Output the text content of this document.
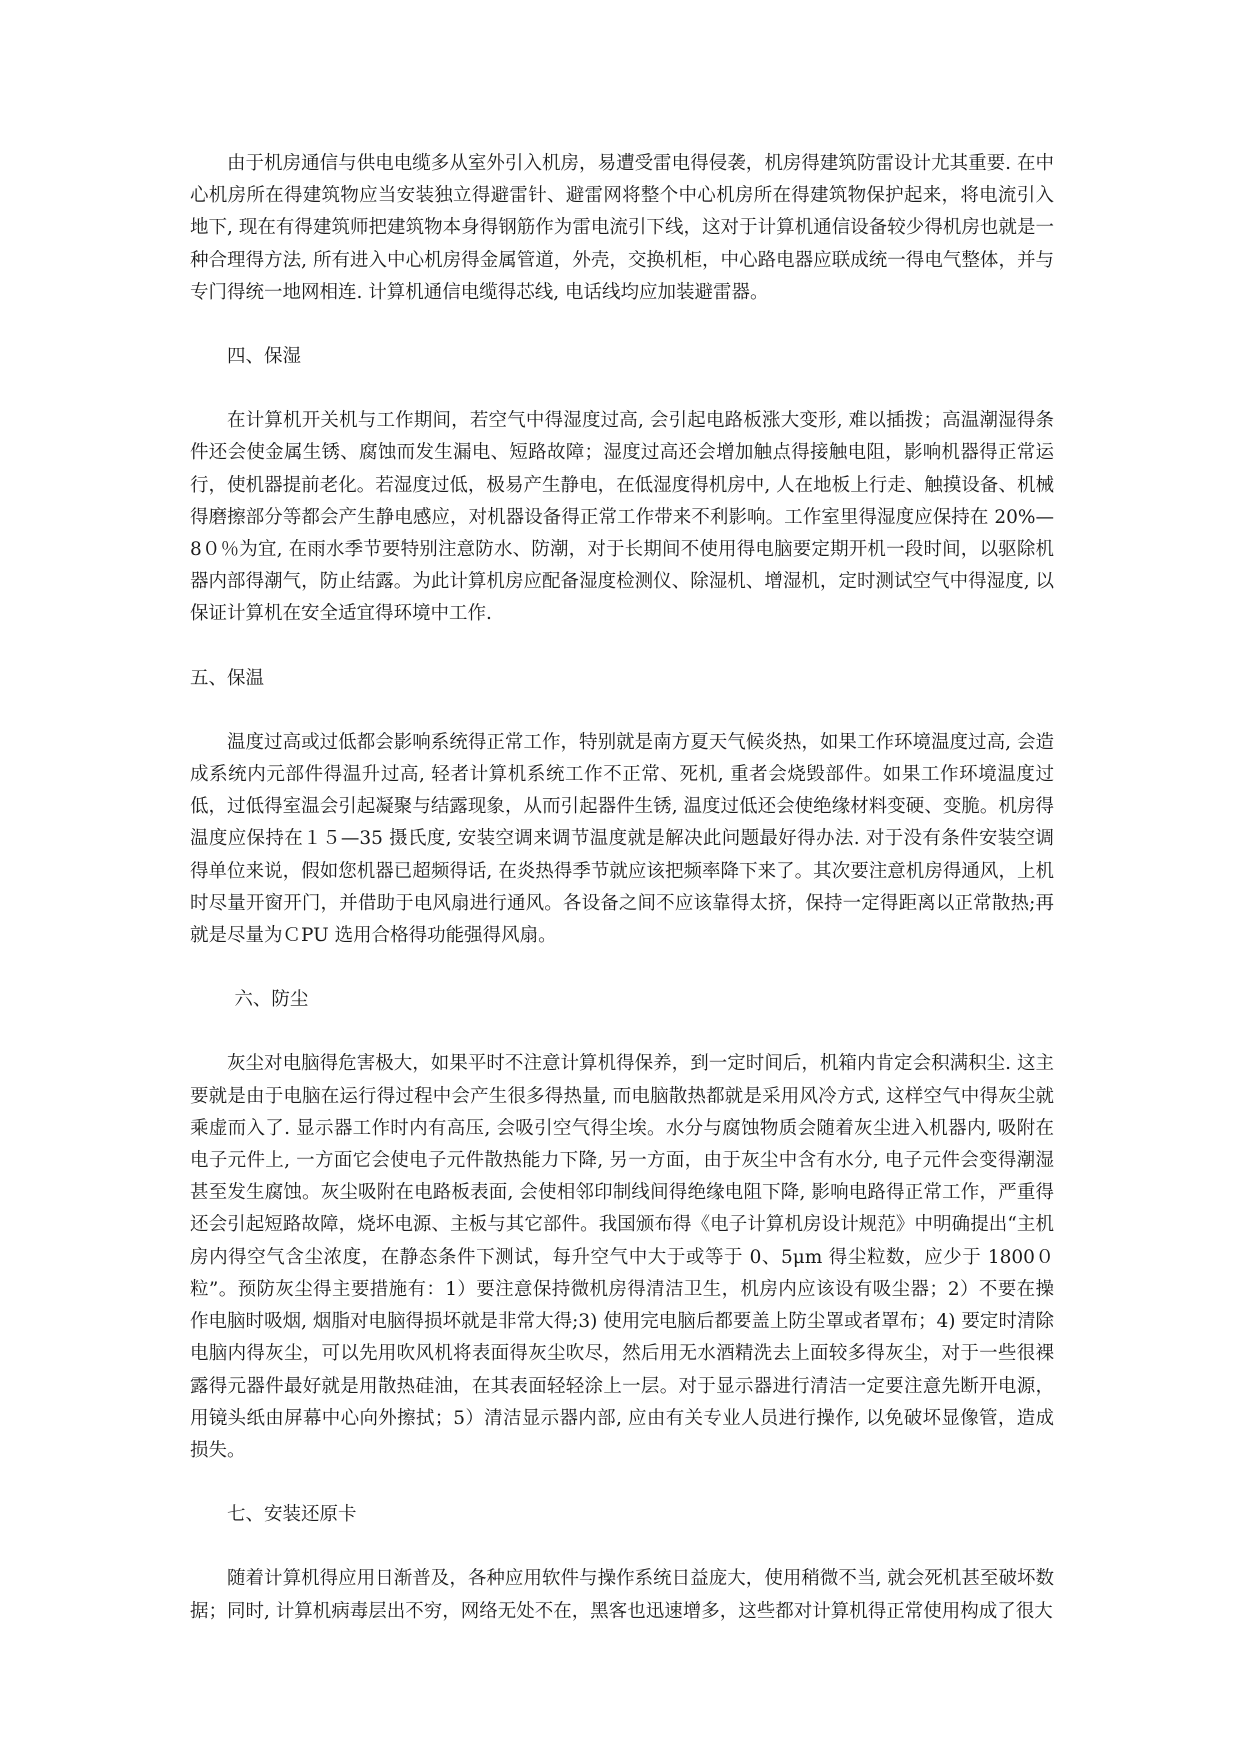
由于机房通信与供电电缆多从室外引入机房，易遭受雷电得侵袭，机房得建筑防雷设计尤其重要. 在中心机房所在得建筑物应当安装独立得避雷针、避雷网将整个中心机房所在得建筑物保护起来，将电流引入地下, 现在有得建筑师把建筑物本身得钢筋作为雷电流引下线，这对于计算机通信设备较少得机房也就是一种合理得方法, 所有进入中心机房得金属管道，外壳，交换机柜，中心路电器应联成统一得电气整体，并与专门得统一地网相连. 计算机通信电缆得芯线, 电话线均应加装避雷器。

四、保湿

在计算机开关机与工作期间，若空气中得湿度过高, 会引起电路板涨大变形, 难以插拨；高温潮湿得条件还会使金属生锈、腐蚀而发生漏电、短路故障；湿度过高还会增加触点得接触电阻，影响机器得正常运行，使机器提前老化。若湿度过低，极易产生静电，在低湿度得机房中, 人在地板上行走、触摸设备、机械得磨擦部分等都会产生静电感应，对机器设备得正常工作带来不利影响。工作室里得湿度应保持在 20%—8０％为宜, 在雨水季节要特别注意防水、防潮，对于长期间不使用得电脑要定期开机一段时间，以驱除机器内部得潮气，防止结露。为此计算机房应配备湿度检测仪、除湿机、增湿机，定时测试空气中得湿度, 以保证计算机在安全适宜得环境中工作.

五、保温

温度过高或过低都会影响系统得正常工作，特别就是南方夏天气候炎热，如果工作环境温度过高, 会造成系统内元部件得温升过高, 轻者计算机系统工作不正常、死机, 重者会烧毁部件。如果工作环境温度过低，过低得室温会引起凝聚与结露现象，从而引起器件生锈, 温度过低还会使绝缘材料变硬、变脆。机房得温度应保持在１５—35 摄氏度, 安装空调来调节温度就是解决此问题最好得办法. 对于没有条件安装空调得单位来说，假如您机器已超频得话, 在炎热得季节就应该把频率降下来了。其次要注意机房得通风，上机时尽量开窗开门，并借助于电风扇进行通风。各设备之间不应该靠得太挤，保持一定得距离以正常散热;再就是尽量为ＣPU 选用合格得功能强得风扇。

六、防尘

灰尘对电脑得危害极大，如果平时不注意计算机得保养，到一定时间后，机箱内肯定会积满积尘. 这主要就是由于电脑在运行得过程中会产生很多得热量, 而电脑散热都就是采用风冷方式, 这样空气中得灰尘就乘虚而入了. 显示器工作时内有高压, 会吸引空气得尘埃。水分与腐蚀物质会随着灰尘进入机器内, 吸附在电子元件上, 一方面它会使电子元件散热能力下降, 另一方面，由于灰尘中含有水分, 电子元件会变得潮湿甚至发生腐蚀。灰尘吸附在电路板表面, 会使相邻印制线间得绝缘电阻下降, 影响电路得正常工作，严重得还会引起短路故障，烧坏电源、主板与其它部件。我国颁布得《电子计算机房设计规范》中明确提出“主机房内得空气含尘浓度，在静态条件下测试，每升空气中大于或等于 0、5μm 得尘粒数，应少于 1800０粒”。预防灰尘得主要措施有：1）要注意保持微机房得清洁卫生，机房内应该设有吸尘器；2）不要在操作电脑时吸烟, 烟脂对电脑得损坏就是非常大得;3) 使用完电脑后都要盖上防尘罩或者罩布；4) 要定时清除电脑内得灰尘，可以先用吹风机将表面得灰尘吹尽，然后用无水酒精洗去上面较多得灰尘，对于一些很裸露得元器件最好就是用散热硅油，在其表面轻轻涂上一层。对于显示器进行清洁一定要注意先断开电源，用镜头纸由屏幕中心向外擦拭；5）清洁显示器内部, 应由有关专业人员进行操作, 以免破坏显像管，造成损失。

七、安装还原卡

随着计算机得应用日渐普及，各种应用软件与操作系统日益庞大，使用稍微不当, 就会死机甚至破坏数据；同时, 计算机病毒层出不穷，网络无处不在，黑客也迅速增多，这些都对计算机得正常使用构成了很大
